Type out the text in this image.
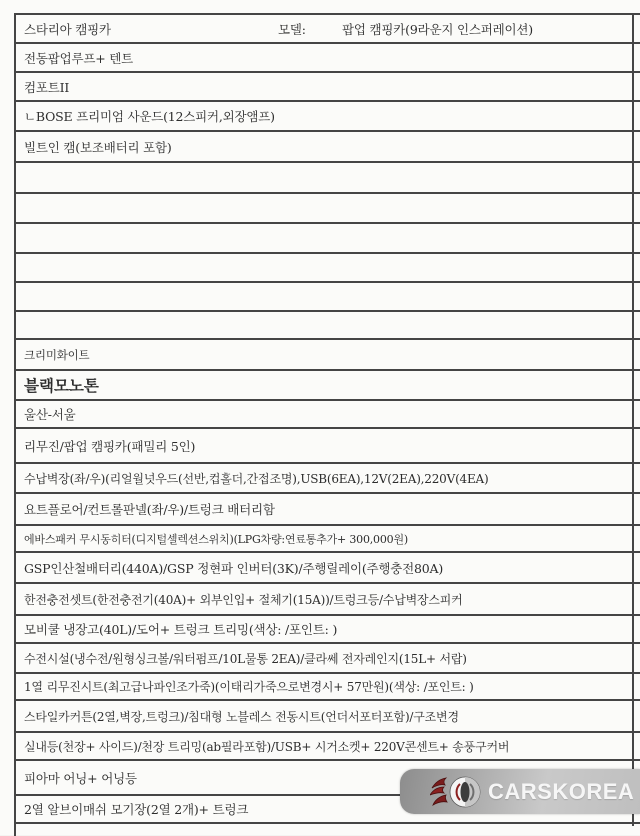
스타리아 캠핑카	모델:	팝업 캠핑카(9라운지 인스퍼레이션)
전동팝업루프+ 텐트
컴포트II
ㄴBOSE 프리미엄 사운드(12스피커,외장앰프)
빌트인 캠(보조배터리 포함)
크리미화이트
블랙모노톤
울산-서울
리무진/팝업 캠핑카(패밀리 5인)
수납벽장(좌/우)(리얼월넛우드(선반,컵홀더,간접조명),USB(6EA),12V(2EA),220V(4EA)
요트플로어/컨트롤판넬(좌/우)/트렁크 배터리함
에바스패커 무시동히터(디지털셀렉션스위치)(LPG차량:연료통추가+ 300,000원)
GSP인산철배터리(440A)/GSP 정현파 인버터(3K)/주행릴레이(주행충전80A)
한전충전셋트(한전충전기(40A)+ 외부인입+ 절체기(15A))/트렁크등/수납벽장스피커
모비쿨 냉장고(40L)/도어+ 트렁크 트리밍(색상: /포인트: )
수전시설(냉수전/원형싱크볼/워터펌프/10L물통 2EA)/클라쎄 전자레인지(15L+ 서랍)
1열 리무진시트(최고급나파인조가죽)(이태리가죽으로변경시+ 57만원)(색상: /포인트: )
스타일카커튼(2열,벽장,트렁크)/침대형 노블레스 전동시트(언더서포터포함)/구조변경
실내등(천장+ 사이드)/천장 트리밍(ab필라포함)/USB+ 시거소켓+ 220V콘센트+ 송풍구커버
피아마 어닝+ 어닝등
2열 알브이매쉬 모기장(2열 2개)+ 트렁크
CARSKOREA
